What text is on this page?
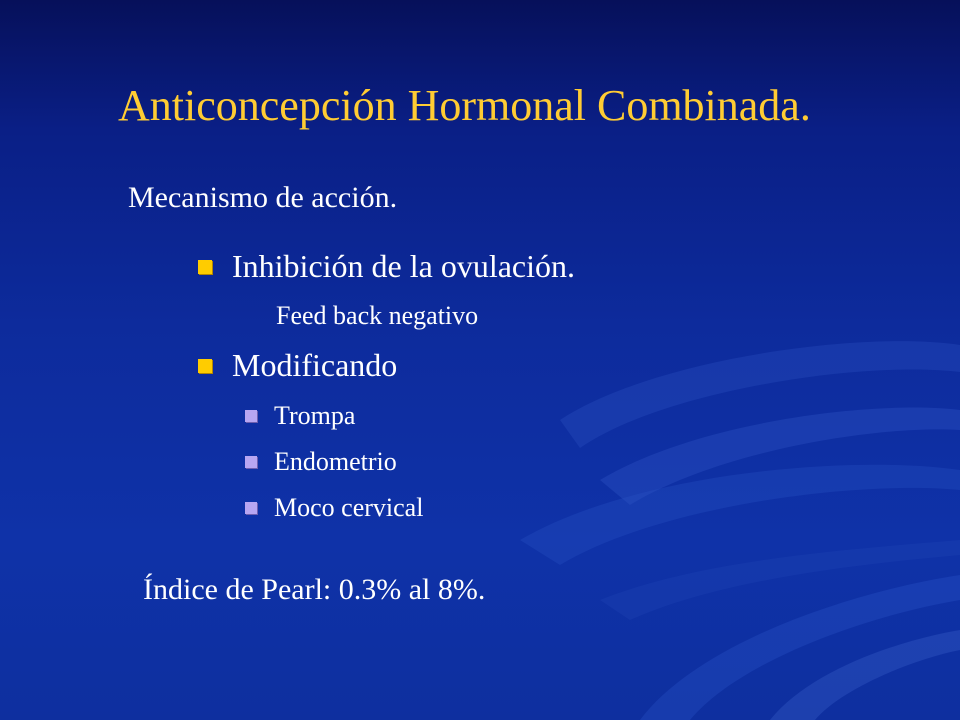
Anticoncepción Hormonal Combinada.
Mecanismo de acción.
Inhibición de la ovulación.
Feed back negativo
Modificando
Trompa
Endometrio
Moco cervical
Índice de Pearl: 0.3% al 8%.
